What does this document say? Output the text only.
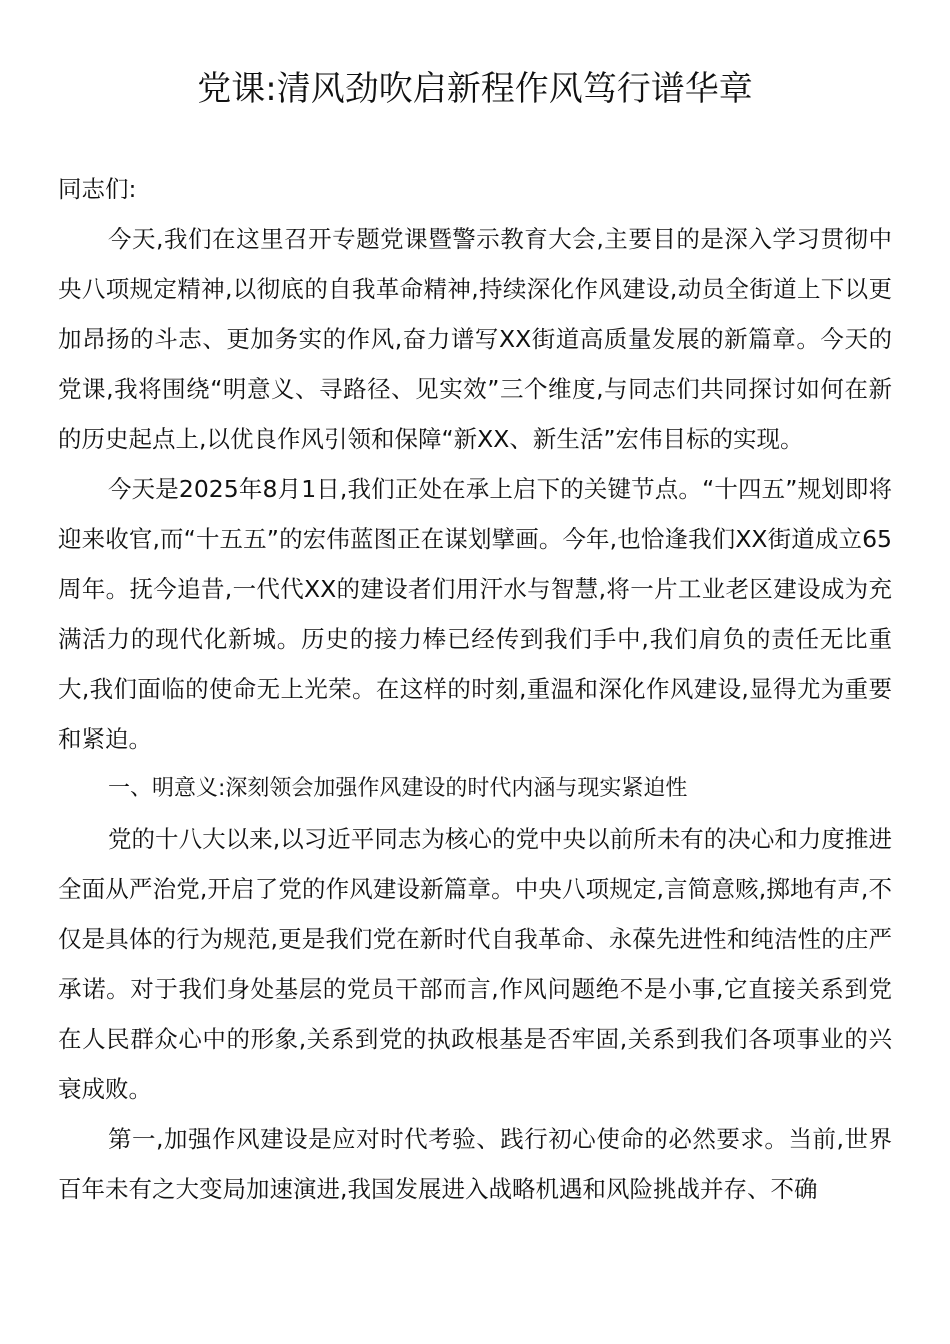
党课:清风劲吹启新程作风笃行谱华章

同志们:

今天,我们在这里召开专题党课暨警示教育大会,主要目的是深入学习贯彻中央八项规定精神,以彻底的自我革命精神,持续深化作风建设,动员全街道上下以更加昂扬的斗志、更加务实的作风,奋力谱写XX街道高质量发展的新篇章。今天的党课,我将围绕“明意义、寻路径、见实效”三个维度,与同志们共同探讨如何在新的历史起点上,以优良作风引领和保障“新XX、新生活”宏伟目标的实现。

今天是2025年8月1日,我们正处在承上启下的关键节点。“十四五”规划即将迎来收官,而“十五五”的宏伟蓝图正在谋划擘画。今年,也恰逢我们XX街道成立65周年。抚今追昔,一代代XX的建设者们用汗水与智慧,将一片工业老区建设成为充满活力的现代化新城。历史的接力棒已经传到我们手中,我们肩负的责任无比重大,我们面临的使命无上光荣。在这样的时刻,重温和深化作风建设,显得尤为重要和紧迫。

一、明意义:深刻领会加强作风建设的时代内涵与现实紧迫性

党的十八大以来,以习近平同志为核心的党中央以前所未有的决心和力度推进全面从严治党,开启了党的作风建设新篇章。中央八项规定,言简意赅,掷地有声,不仅是具体的行为规范,更是我们党在新时代自我革命、永葆先进性和纯洁性的庄严承诺。对于我们身处基层的党员干部而言,作风问题绝不是小事,它直接关系到党在人民群众心中的形象,关系到党的执政根基是否牢固,关系到我们各项事业的兴衰成败。

第一,加强作风建设是应对时代考验、践行初心使命的必然要求。当前,世界百年未有之大变局加速演进,我国发展进入战略机遇和风险挑战并存、不确
